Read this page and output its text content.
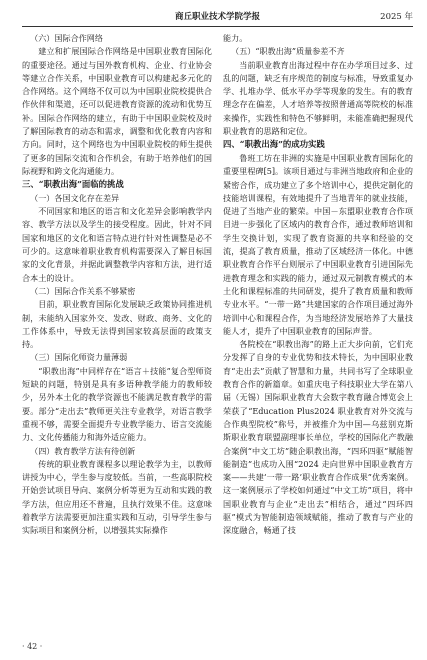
商丘职业技术学院学报	2025 年
（六）国际合作网络

建立和扩展国际合作网络是中国职业教育国际化的重要途径。通过与国外教育机构、企业、行业协会等建立合作关系，中国职业教育可以构建起多元化的合作网络。这个网络不仅可以为中国职业院校提供合作伙伴和渠道，还可以促进教育资源的流动和优势互补。国际合作网络的建立，有助于中国职业院校及时了解国际教育的动态和需求，调整和优化教育内容和方向。同时，这个网络也为中国职业院校的师生提供了更多的国际交流和合作机会，有助于培养他们的国际视野和跨文化沟通能力。

三、“职教出海”面临的挑战
（一）各国文化存在差异

不同国家和地区的语言和文化差异会影响教学内容、教学方法以及学生的接受程度。因此，针对不同国家和地区的文化和语言特点进行针对性调整是必不可少的。这意味着职业教育机构需要深入了解目标国家的文化背景，并据此调整教学内容和方法，进行适合本土的设计。

（二）国际合作关系不够紧密

目前，职业教育国际化发展缺乏政策协同推进机制，未能纳入国家外交、发改、财政、商务、文化的工作体系中，导致无法得到国家较高层面的政策支持。

（三）国际化师资力量薄弱

“职教出海”中同样存在“语言＋技能”复合型师资短缺的问题，特别是具有多语种教学能力的教师较少，另外本土化的教学资源也不能满足教育教学的需要。部分“走出去”教师更关注专业教学，对语言教学重视不够，需要全面提升专业教学能力、语言交流能力、文化传播能力和海外适应能力。

（四）教育教学方法有待创新

传统的职业教育课程多以理论教学为主，以教师讲授为中心，学生参与度较低。当前，一些高职院校开始尝试项目导向、案例分析等更为互动和实践的教学方法，但应用还不普遍，且执行效果不佳。这意味着教学方法需要更加注重实践和互动，引导学生参与实际项目和案例分析，以增强其实际操作

能力。

（五）“职教出海”质量参差不齐

当前职业教育出海过程中存在办学项目过多、过乱的问题，缺乏有序规范的制度与标准，导致重复办学、扎堆办学、低水平办学等现象的发生。有的教育理念存在偏差，人才培养等按照普通高等院校的标准来操作，实践性和特色不够鲜明，未能准确把握现代职业教育的思路和定位。

四、“职教出海”的成功实践

鲁班工坊在非洲的实施是中国职业教育国际化的重要里程碑[5]。该项目通过与非洲当地政府和企业的紧密合作，成功建立了多个培训中心，提供定制化的技能培训课程，有效地提升了当地青年的就业技能，促进了当地产业的繁荣。中国－东盟职业教育合作项目进一步强化了区域内的教育合作，通过教师培训和学生交换计划，实现了教育资源的共享和经验的交流，提高了教育质量，推动了区域经济一体化。中德职业教育合作平台则展示了中国职业教育引进国际先进教育理念和实践的能力，通过双元制教育模式的本土化和课程标准的共同研发，提升了教育质量和教师专业水平。“一带一路”共建国家的合作项目通过海外培训中心和课程合作，为当地经济发展培养了大量技能人才，提升了中国职业教育的国际声誉。

各院校在“职教出海”的路上正大步向前，它们充分发挥了自身的专业优势和技术特长，为中国职业教育“走出去”贡献了智慧和力量，共同书写了全球职业教育合作的新篇章。如重庆电子科技职业大学在第八届（无锡）国际职业教育大会数字教育融合博览会上荣获了“Education Plus2024 职业教育对外交流与合作典型院校”称号，并被推介为中国—乌兹别克斯斯职业教育联盟副理事长单位，学校的国际化产教融合案例“中文工坊”随企职教出海，“四环四驱”赋能智能制造”也成功入围“2024 走向世界中国职业教育方案——共建‘一带一路’职业教育合作成果”优秀案例。这一案例展示了学校如何通过“中文工坊”项目，将中国职业教育与企业“走出去”相结合，通过“四环四驱”模式为智能制造领域赋能，推动了教育与产业的深度融合，畅通了技

· 42 ·
